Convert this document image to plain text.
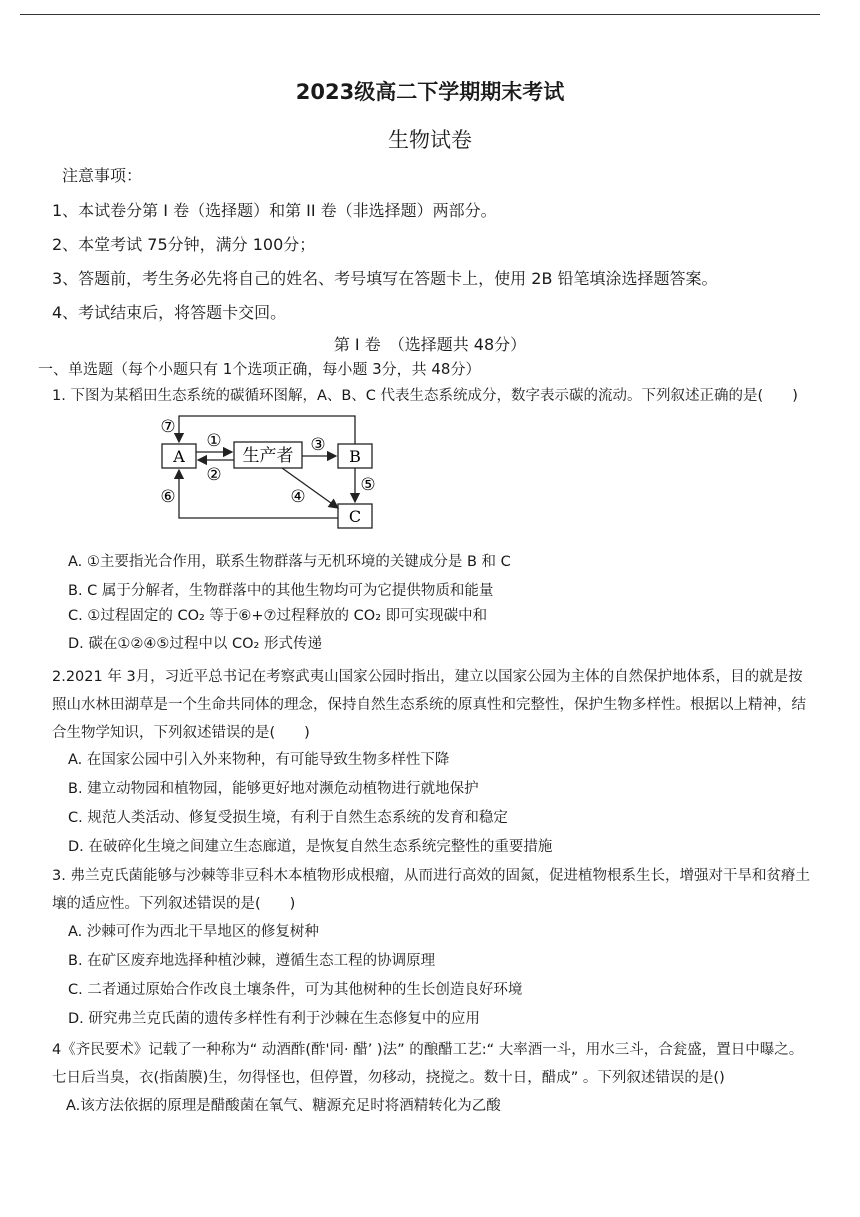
2023级高二下学期期末考试
生物试卷
注意事项：
1、本试卷分第 I 卷（选择题）和第 II 卷（非选择题）两部分。
2、本堂考试 75分钟，满分 100分；
3、答题前，考生务必先将自己的姓名、考号填写在答题卡上，使用 2B 铅笔填涂选择题答案。
4、考试结束后，将答题卡交回。
第 I 卷　（选择题共 48分）
一、单选题（每个小题只有 1个选项正确，每小题 3分，共 48分）
1. 下图为某稻田生态系统的碳循环图解，A、B、C 代表生态系统成分，数字表示碳的流动。下列叙述正确的是(　　)
A	生产者	B
C
⑦
①
②
③
④
⑤
⑥
A. ①主要指光合作用，联系生物群落与无机环境的关键成分是 B 和 C
B. C 属于分解者，生物群落中的其他生物均可为它提供物质和能量
C. ①过程固定的 CO₂ 等于⑥+⑦过程释放的 CO₂ 即可实现碳中和
D. 碳在①②④⑤过程中以 CO₂ 形式传递
2.2021 年 3月，习近平总书记在考察武夷山国家公园时指出，建立以国家公园为主体的自然保护地体系，目的就是按照山水林田湖草是一个生命共同体的理念，保持自然生态系统的原真性和完整性，保护生物多样性。根据以上精神，结合生物学知识，下列叙述错误的是(　　)
A. 在国家公园中引入外来物种，有可能导致生物多样性下降
B. 建立动物园和植物园，能够更好地对濒危动植物进行就地保护
C. 规范人类活动、修复受损生境，有利于自然生态系统的发育和稳定
D. 在破碎化生境之间建立生态廊道，是恢复自然生态系统完整性的重要措施
3. 弗兰克氏菌能够与沙棘等非豆科木本植物形成根瘤，从而进行高效的固氮，促进植物根系生长，增强对干旱和贫瘠土壤的适应性。下列叙述错误的是(　　)
A. 沙棘可作为西北干旱地区的修复树种
B. 在矿区废弃地选择种植沙棘，遵循生态工程的协调原理
C. 二者通过原始合作改良土壤条件，可为其他树种的生长创造良好环境
D. 研究弗兰克氏菌的遗传多样性有利于沙棘在生态修复中的应用
4《齐民要术》记载了一种称为“ 动酒酢(酢'同· 醋’ )法” 的酿醋工艺:“ 大率酒一斗，用水三斗，合瓮盛，置日中曝之。七日后当臭，衣(指菌膜)生，勿得怪也，但停置，勿移动，挠搅之。数十日，醋成” 。下列叙述错误的是()
A.该方法依据的原理是醋酸菌在氧气、糖源充足时将酒精转化为乙酸
